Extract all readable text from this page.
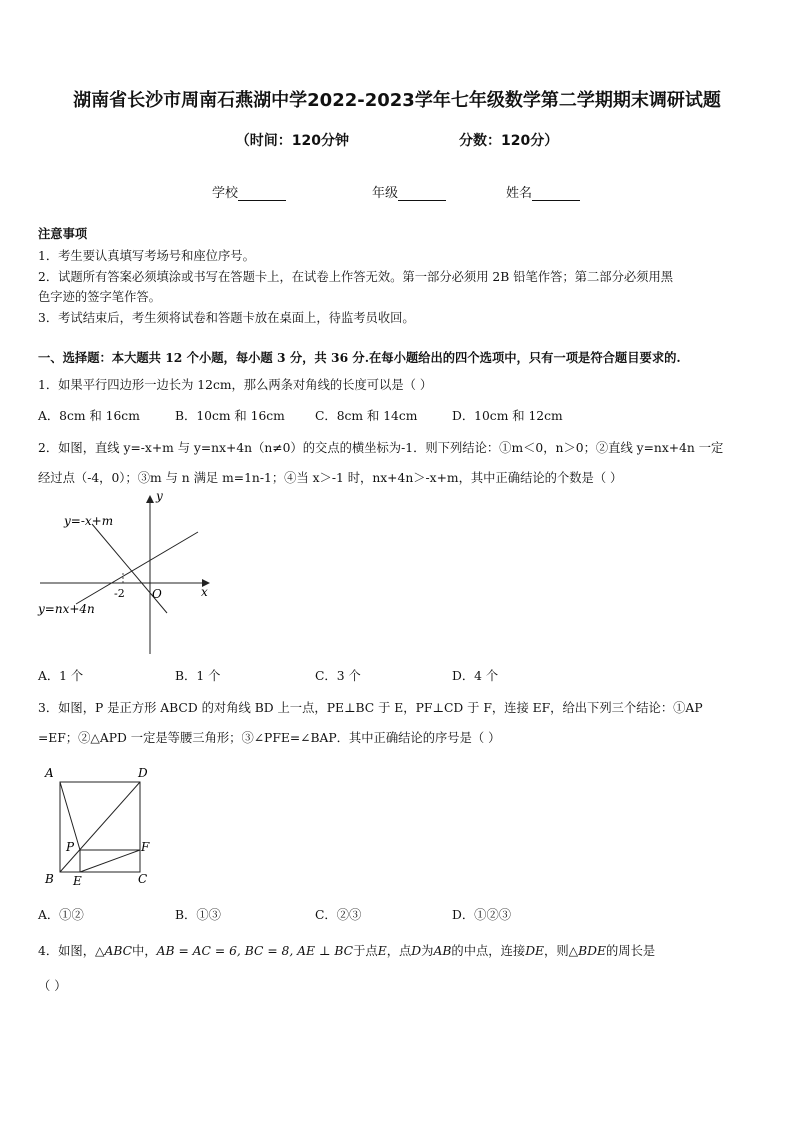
湖南省长沙市周南石燕湖中学2022-2023学年七年级数学第二学期期末调研试题
（时间：120分钟	分数：120分）
学校	年级	姓名
注意事项
1．考生要认真填写考场号和座位序号。
2．试题所有答案必须填涂或书写在答题卡上，在试卷上作答无效。第一部分必须用 2B 铅笔作答；第二部分必须用黑
色字迹的签字笔作答。
3．考试结束后，考生须将试卷和答题卡放在桌面上，待监考员收回。
一、选择题：本大题共 12 个小题，每小题 3 分，共 36 分.在每小题给出的四个选项中，只有一项是符合题目要求的.
1．如果平行四边形一边长为 12cm，那么两条对角线的长度可以是（ ）
A．8cm 和 16cm	B．10cm 和 16cm C．8cm 和 14cm	D．10cm 和 12cm
2．如图，直线 y=-x+m 与 y=nx+4n（n≠0）的交点的横坐标为-1．则下列结论：①m＜0，n＞0；②直线 y=nx+4n 一定
经过点（-4，0）；③m 与 n 满足 m=1n-1；④当 x＞-1 时，nx+4n＞-x+m，其中正确结论的个数是（ ）
y=-x+m
y=nx+4n
y
x
-2 O
A．1 个	B．1 个	C．3 个	D．4 个
3．如图，P 是正方形 ABCD 的对角线 BD 上一点，PE⊥BC 于 E，PF⊥CD 于 F，连接 EF，给出下列三个结论：①AP
=EF；②△APD 一定是等腰三角形；③∠PFE=∠BAP．其中正确结论的序号是（ ）
A	D
B	C
E
F
P
A．①②	B．①③	C．②③	D．①②③
4．如图，△ABC中，AB = AC = 6, BC = 8, AE ⊥ BC于点E，点D为AB的中点，连接DE，则△BDE的周长是
（ ）
